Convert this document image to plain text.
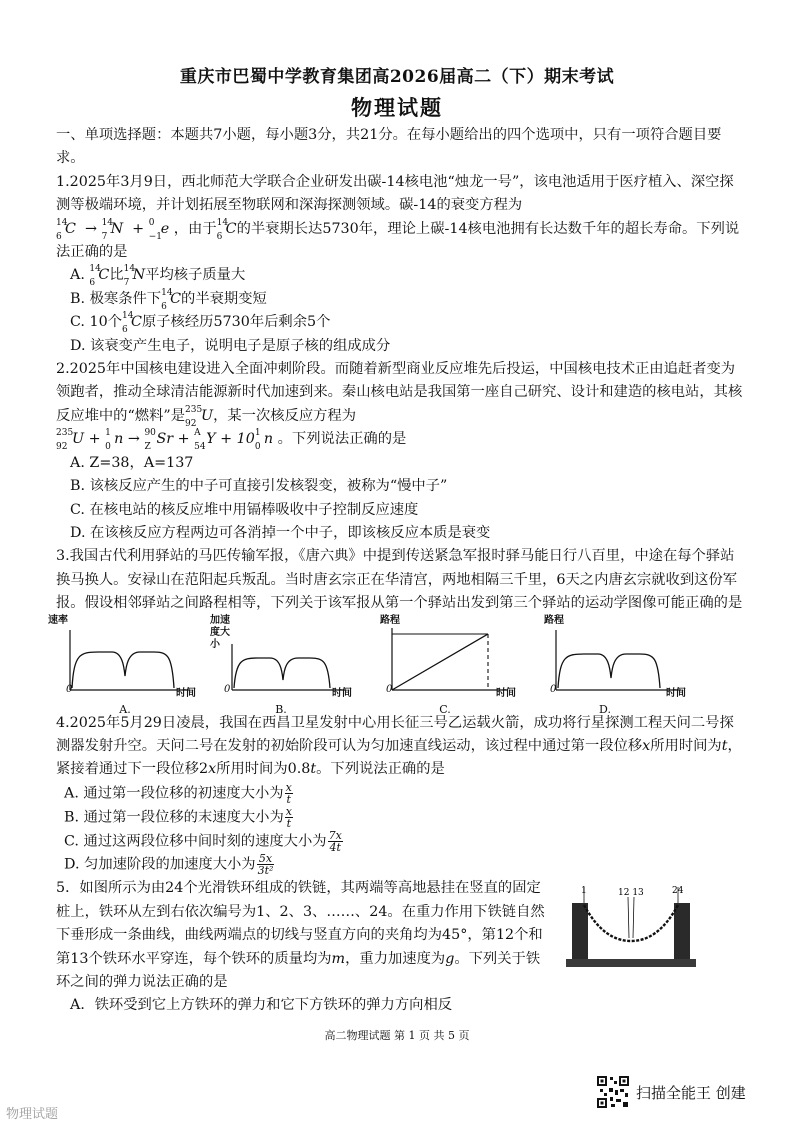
重庆市巴蜀中学教育集团高2026届高二（下）期末考试
物理试题

一、单项选择题：本题共7小题，每小题3分，共21分。在每小题给出的四个选项中，只有一项符合题目要求。

1.2025年3月9日，西北师范大学联合企业研发出碳-14核电池“烛龙一号”，该电池适用于医疗植入、深空探测等极端环境，并计划拓展至物联网和深海探测领域。碳-14的衰变方程为

14
6 C  → 14
7 N  + 0
−1
e ，由于 14
6 C的半衰期长达5730年，理论上碳-14核电池拥有长达数千年的超长寿命。下列说法正确的是

A. 14
6 C比 14
7 N平均核子质量大

B. 极寒条件下 14
6 C的半衰期变短

C. 10个 14
6 C原子核经历5730年后剩余5个

D. 该衰变产生电子，说明电子是原子核的组成成分

2.2025年中国核电建设进入全面冲刺阶段。而随着新型商业反应堆先后投运，中国核电技术正由追赶者变为领跑者，推动全球清洁能源新时代加速到来。秦山核电站是我国第一座自己研究、设计和建造的核电站，其核反应堆中的“燃料”是 235
92 U，某一次核反应方程为

235
92 U + 1
0 n → 90
Z Sr + A
54 Y + 10 1
0 n 。下列说法正确的是

A. Z=38，A=137

B. 该核反应产生的中子可直接引发核裂变，被称为“慢中子”

C. 在核电站的核反应堆中用镉棒吸收中子控制反应速度

D. 在该核反应方程两边可各消掉一个中子，即该核反应本质是衰变

3.我国古代利用驿站的马匹传输军报，《唐六典》中提到传送紧急军报时驿马能日行八百里，中途在每个驿站换马换人。安禄山在范阳起兵叛乱。当时唐玄宗正在华清宫，两地相隔三千里，6天之内唐玄宗就收到这份军报。假设相邻驿站之间路程相等，下列关于该军报从第一个驿站出发到第三个驿站的运动学图像可能正确的是

速率
0	时间
A.
加速度大小
0	时间
B.
路程
0	时间
C.
路程
0	时间
D.

4.2025年5月29日凌晨，我国在西昌卫星发射中心用长征三号乙运载火箭，成功将行星探测工程天问二号探测器发射升空。天问二号在发射的初始阶段可认为匀加速直线运动，该过程中通过第一段位移x所用时间为t，紧接着通过下一段位移2x所用时间为0.8t。下列说法正确的是

A. 通过第一段位移的初速度大小为 $\frac{x}{t}$

B. 通过第一段位移的末速度大小为 $\frac{x}{t}$

C. 通过这两段位移中间时刻的速度大小为 $\frac{7x}{4t}$

D. 匀加速阶段的加速度大小为 $\frac{5x}{\text{3t²}}$

5．如图所示为由24个光滑铁环组成的铁链，其两端等高地悬挂在竖直的固定桩上，铁环从左到右依次编号为1、2、3、……、24。在重力作用下铁链自然下垂形成一条曲线，曲线两端点的切线与竖直方向的夹角均为45°，第12个和第13个铁环水平穿连，每个铁环的质量均为m，重力加速度为g。下列关于铁环之间的弹力说法正确的是

1	12 13	24

A．铁环受到它上方铁环的弹力和它下方铁环的弹力方向相反

高二物理试题 第 1 页 共 5 页
物理试题
扫描全能王 创建
